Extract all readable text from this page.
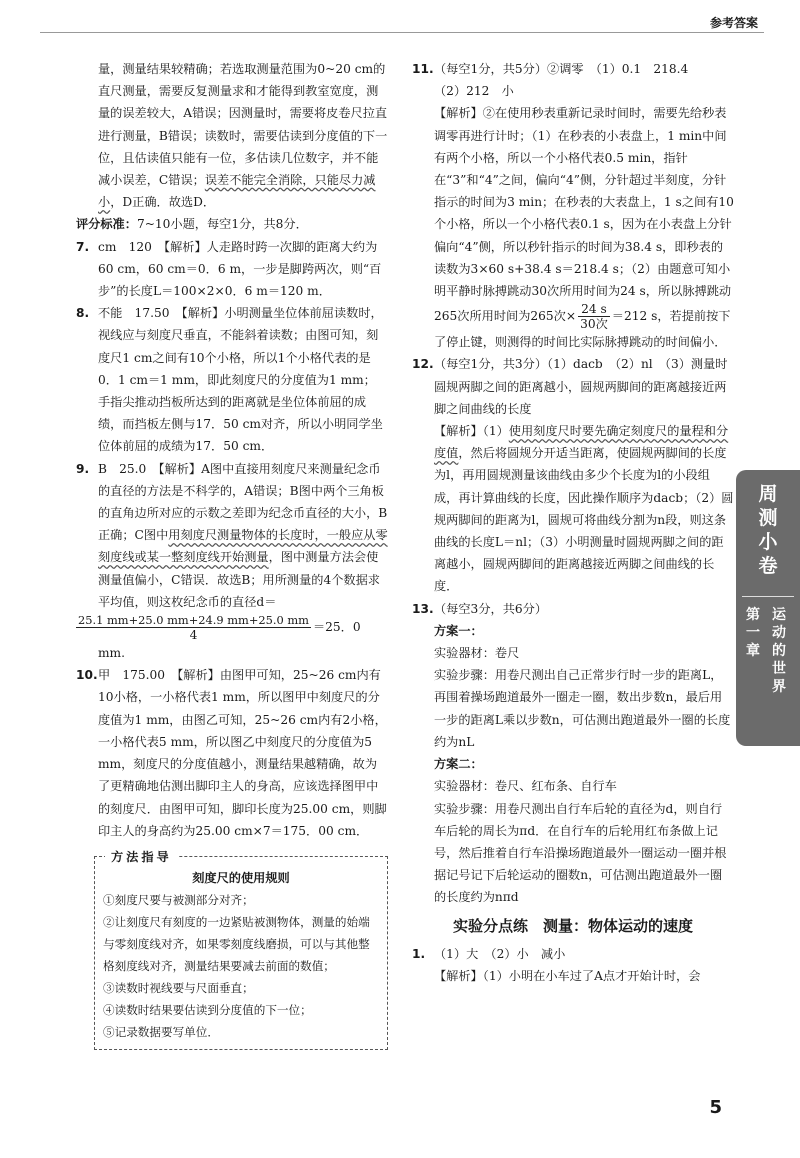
参考答案

量，测量结果较精确；若选取测量范围为0~20 cm的直尺测量，需要反复测量求和才能得到教室宽度，测量的误差较大，A错误；因测量时，需要将皮卷尺拉直进行测量，B错误；读数时，需要估读到分度值的下一位，且估读值只能有一位，多估读几位数字，并不能减小误差，C错误；误差不能完全消除，只能尽力减小，D正确．故选D．

评分标准：7~10小题，每空1分，共8分．

7. cm　120　【解析】人走路时跨一次脚的距离大约为60 cm，60 cm＝0．6 m，一步是脚跨两次，则“百步”的长度L＝100×2×0．6 m＝120 m．

8. 不能　17.50　【解析】小明测量坐位体前屈读数时，视线应与刻度尺垂直，不能斜着读数；由图可知，刻度尺1 cm之间有10个小格，所以1个小格代表的是0．1 cm＝1 mm，即此刻度尺的分度值为1 mm；手指尖推动挡板所达到的距离就是坐位体前屈的成绩，而挡板左侧与17．50 cm对齐，所以小明同学坐位体前屈的成绩为17．50 cm．

9. B　25.0　【解析】A图中直接用刻度尺来测量纪念币的直径的方法是不科学的，A错误；B图中两个三角板的直角边所对应的示数之差即为纪念币直径的大小，B正确；C图中用刻度尺测量物体的长度时，一般应从零刻度线或某一整刻度线开始测量，图中测量方法会使测量值偏小，C错误．故选B；用所测量的4个数据求平均值，则这枚纪念币的直径d＝

$\frac{25.1 mm+25.0 mm+24.9 mm+25.0 mm}{4} =25$．0 mm.
10. 甲　175.00　【解析】由图甲可知，25~26 cm内有10小格，一小格代表1 mm，所以图甲中刻度尺的分度值为1 mm，由图乙可知，25~26 cm内有2小格，一小格代表5 mm，所以图乙中刻度尺的分度值为5 mm，刻度尺的分度值越小，测量结果越精确，故为了更精确地估测出脚印主人的身高，应该选择图甲中的刻度尺．由图甲可知，脚印长度为25.00 cm，则脚印主人的身高约为25.00 cm×7＝175．00 cm．

方法指导
刻度尺的使用规则

①刻度尺要与被测部分对齐；

②让刻度尺有刻度的一边紧贴被测物体，测量的始端与零刻度线对齐，如果零刻度线磨损，可以与其他整格刻度线对齐，测量结果要减去前面的数值；

③读数时视线要与尺面垂直；

④读数时结果要估读到分度值的下一位；

⑤记录数据要写单位．

11. （每空1分，共5分）②调零　（1）0.1　218.4

（2）212　小

【解析】②在使用秒表重新记录时间时，需要先给秒表调零再进行计时；（1）在秒表的小表盘上，1 min中间有两个小格，所以一个小格代表0.5 min，指针在“3”和“4”之间，偏向“4”侧，分针超过半刻度，分针指示的时间为3 min；在秒表的大表盘上，1 s之间有10个小格，所以一个小格代表0.1 s，因为在小表盘上分针偏向“4”侧，所以秒针指示的时间为38.4 s，即秒表的读数为3×60 s+38.4 s＝218.4 s；（2）由题意可知小明平静时脉搏跳动30次所用时间为24 s，所以脉搏跳动

265次所用时间为265次× $\frac{24 s}{\text{30次}} =212$ s，若提前按下了停止键，则测得的时间比实际脉搏跳动的时间偏小．

12. （每空1分，共3分）（1）dacb　（2）nl　（3）测量时圆规两脚之间的距离越小，圆规两脚间的距离越接近两脚之间曲线的长度

【解析】（1）使用刻度尺时要先确定刻度尺的量程和分度值，然后将圆规分开适当距离，使圆规两脚间的长度为l，再用圆规测量该曲线由多少个长度为l的小段组成，再计算曲线的长度，因此操作顺序为dacb；（2）圆规两脚间的距离为l，圆规可将曲线分割为n段，则这条曲线的长度L＝nl；（3）小明测量时圆规两脚之间的距离越小，圆规两脚间的距离越接近两脚之间曲线的长度．

13. （每空3分，共6分）

方案一：

实验器材：卷尺

实验步骤：用卷尺测出自己正常步行时一步的距离L，再围着操场跑道最外一圈走一圈，数出步数n，最后用一步的距离L乘以步数n，可估测出跑道最外一圈的长度约为nL

方案二：

实验器材：卷尺、红布条、自行车

实验步骤：用卷尺测出自行车后轮的直径为d，则自行车后轮的周长为πd．在自行车的后轮用红布条做上记号，然后推着自行车沿操场跑道最外一圈运动一圈并根据记号记下后轮运动的圈数n，可估测出跑道最外一圈的长度约为nπd

实验分点练　测量：物体运动的速度
1. （1）大　（2）小　减小

【解析】（1）小明在小车过了A点才开始计时，会

周测小卷
第一章
运动的世界
5
